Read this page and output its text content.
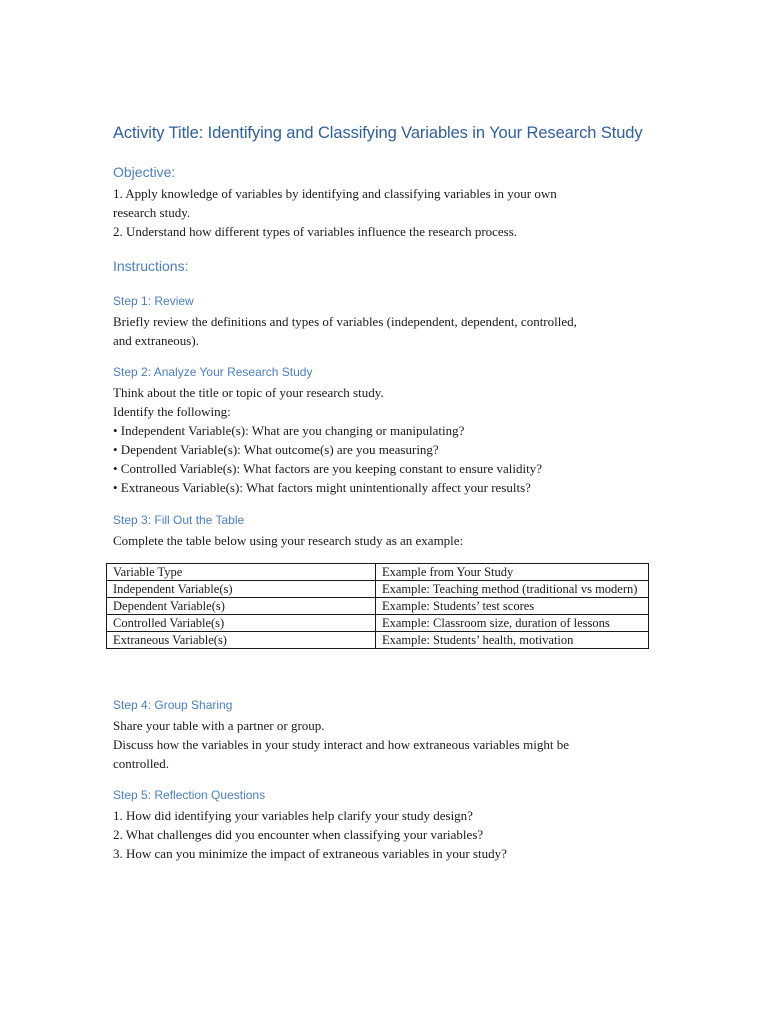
Activity Title: Identifying and Classifying Variables in Your Research Study
Objective:
1. Apply knowledge of variables by identifying and classifying variables in your own
research study.
2. Understand how different types of variables influence the research process.
Instructions:
Step 1: Review
Briefly review the definitions and types of variables (independent, dependent, controlled,
and extraneous).
Step 2: Analyze Your Research Study
Think about the title or topic of your research study.
Identify the following:
• Independent Variable(s): What are you changing or manipulating?
• Dependent Variable(s): What outcome(s) are you measuring?
• Controlled Variable(s): What factors are you keeping constant to ensure validity?
• Extraneous Variable(s): What factors might unintentionally affect your results?
Step 3: Fill Out the Table
Complete the table below using your research study as an example:
Variable Type	Example from Your Study
Independent Variable(s)	Example: Teaching method (traditional vs modern)
Dependent Variable(s)	Example: Students’ test scores
Controlled Variable(s)	Example: Classroom size, duration of lessons
Extraneous Variable(s)	Example: Students’ health, motivation
Step 4: Group Sharing
Share your table with a partner or group.
Discuss how the variables in your study interact and how extraneous variables might be
controlled.
Step 5: Reflection Questions
1. How did identifying your variables help clarify your study design?
2. What challenges did you encounter when classifying your variables?
3. How can you minimize the impact of extraneous variables in your study?
